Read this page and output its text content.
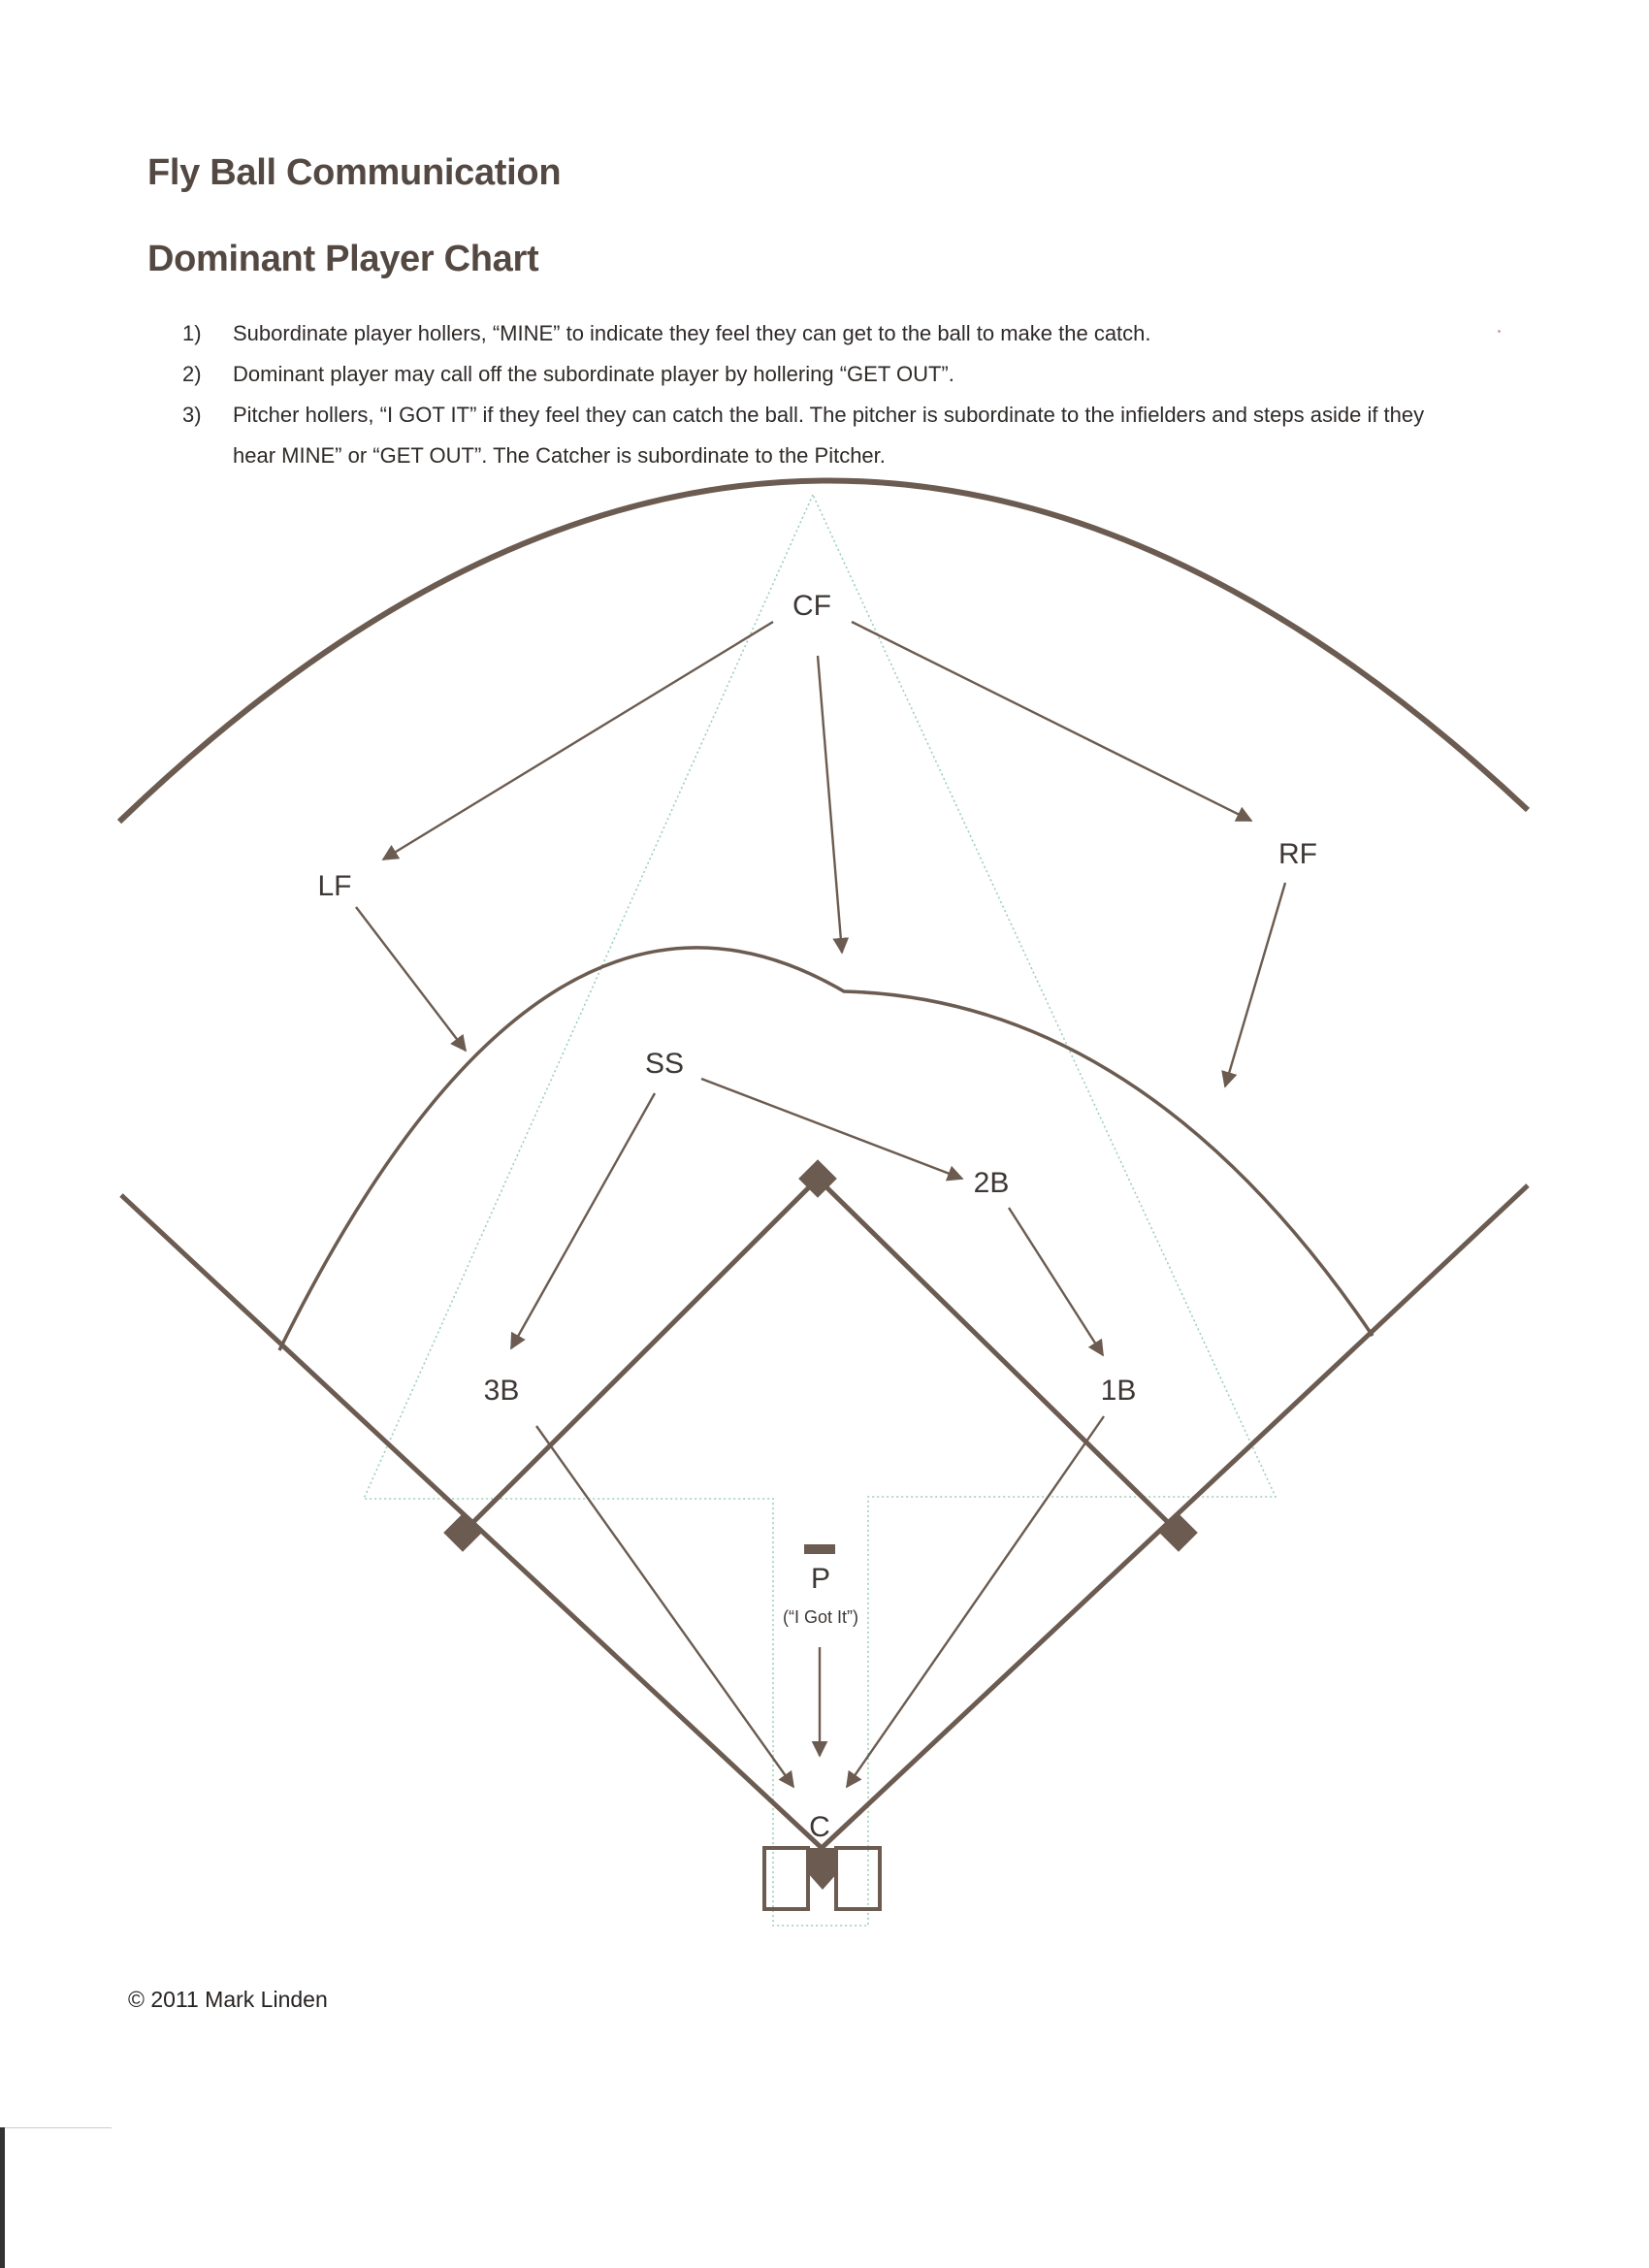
Fly Ball Communication
Dominant Player Chart
1) Subordinate player hollers, “MINE” to indicate they feel they can get to the ball to make the catch.
2) Dominant player may call off the subordinate player by hollering “GET OUT”.
3) Pitcher hollers, “I GOT IT” if they feel they can catch the ball. The pitcher is subordinate to the infielders and steps aside if they hear MINE” or “GET OUT”. The Catcher is subordinate to the Pitcher.
CF
LF
RF
SS
2B
3B	1B
P
(“I Got It”)
C
© 2011 Mark Linden
